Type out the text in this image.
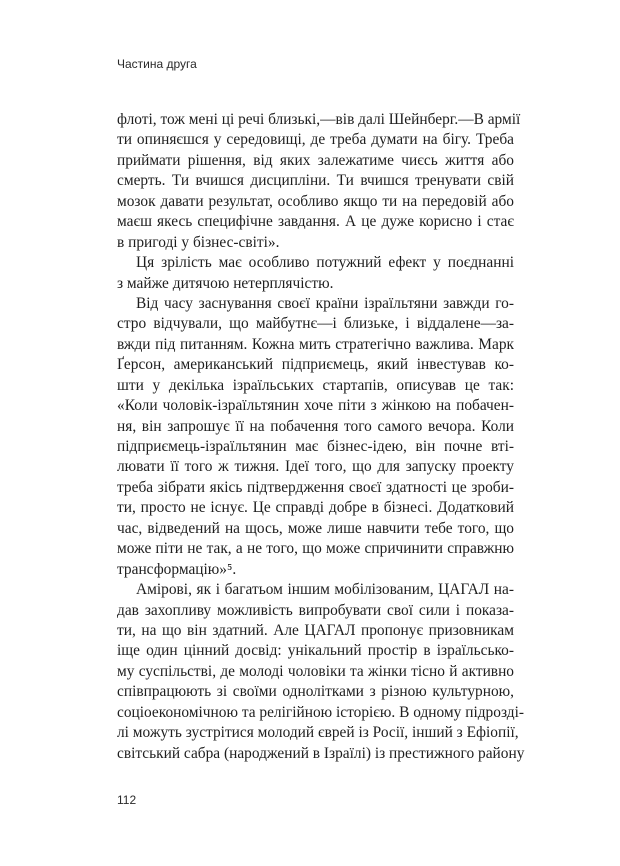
Частина друга
флоті, тож мені ці речі близькі,—вів далі Шейнберг.—В армії
ти опиняєшся у середовищі, де треба думати на бігу. Треба
приймати рішення, від яких залежатиме чиєсь життя або
смерть. Ти вчишся дисципліни. Ти вчишся тренувати свій
мозок давати результат, особливо якщо ти на передовій або
маєш якесь специфічне завдання. А це дуже корисно і стає
в пригоді у бізнес-світі».
Ця зрілість має особливо потужний ефект у поєднанні
з майже дитячою нетерплячістю.
Від часу заснування своєї країни ізраїльтяни завжди го-
стро відчували, що майбутнє—і близьке, і віддалене—за-
вжди під питанням. Кожна мить стратегічно важлива. Марк
Ґерсон, американський підприємець, який інвестував ко-
шти у декілька ізраїльських стартапів, описував це так:
«Коли чоловік-ізраїльтянин хоче піти з жінкою на побачен-
ня, він запрошує її на побачення того самого вечора. Коли
підприємець-ізраїльтянин має бізнес-ідею, він почне вті-
лювати її того ж тижня. Ідеї того, що для запуску проекту
треба зібрати якісь підтвердження своєї здатності це зроби-
ти, просто не існує. Це справді добре в бізнесі. Додатковий
час, відведений на щось, може лише навчити тебе того, що
може піти не так, а не того, що може спричинити справжню
трансформацію»⁵.
Амірові, як і багатьом іншим мобілізованим, ЦАГАЛ на-
дав захопливу можливість випробувати свої сили і показа-
ти, на що він здатний. Але ЦАГАЛ пропонує призовникам
іще один цінний досвід: унікальний простір в ізраїльсько-
му суспільстві, де молоді чоловіки та жінки тісно й активно
співпрацюють зі своїми однолітками з різною культурною,
соціоекономічною та релігійною історією. В одному підрозді-
лі можуть зустрітися молодий єврей із Росії, інший з Ефіопії,
світський сабра (народжений в Ізраїлі) із престижного району
112
